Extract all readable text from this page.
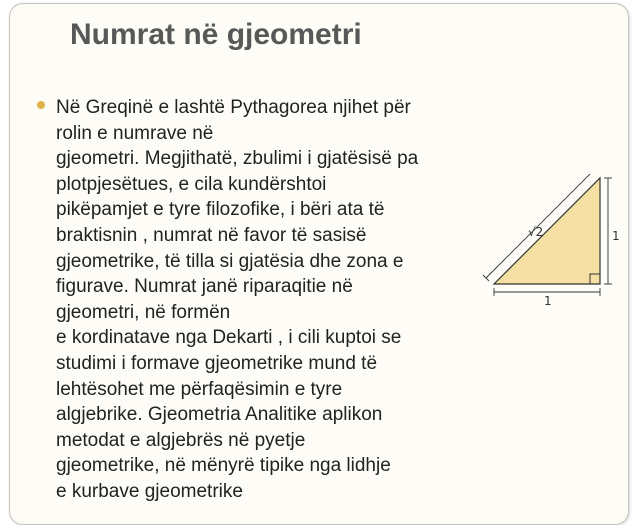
Numrat në gjeometri
Në Greqinë e lashtë Pythagorea njihet për
rolin e numrave në
gjeometri. Megjithatë, zbulimi i gjatësisë pa
plotpjesëtues, e cila kundërshtoi
pikëpamjet e tyre filozofike, i bëri ata të
braktisnin , numrat në favor të sasisë
gjeometrike, të tilla si gjatësia dhe zona e
figurave. Numrat janë riparaqitie në
gjeometri, në formën
e kordinatave nga Dekarti , i cili kuptoi se
studimi i formave gjeometrike mund të
lehtësohet me përfaqësimin e tyre
algjebrike. Gjeometria Analitike aplikon
metodat e algjebrës në pyetje
gjeometrike, në mënyrë tipike nga lidhje
e kurbave gjeometrike
√2	1
1
